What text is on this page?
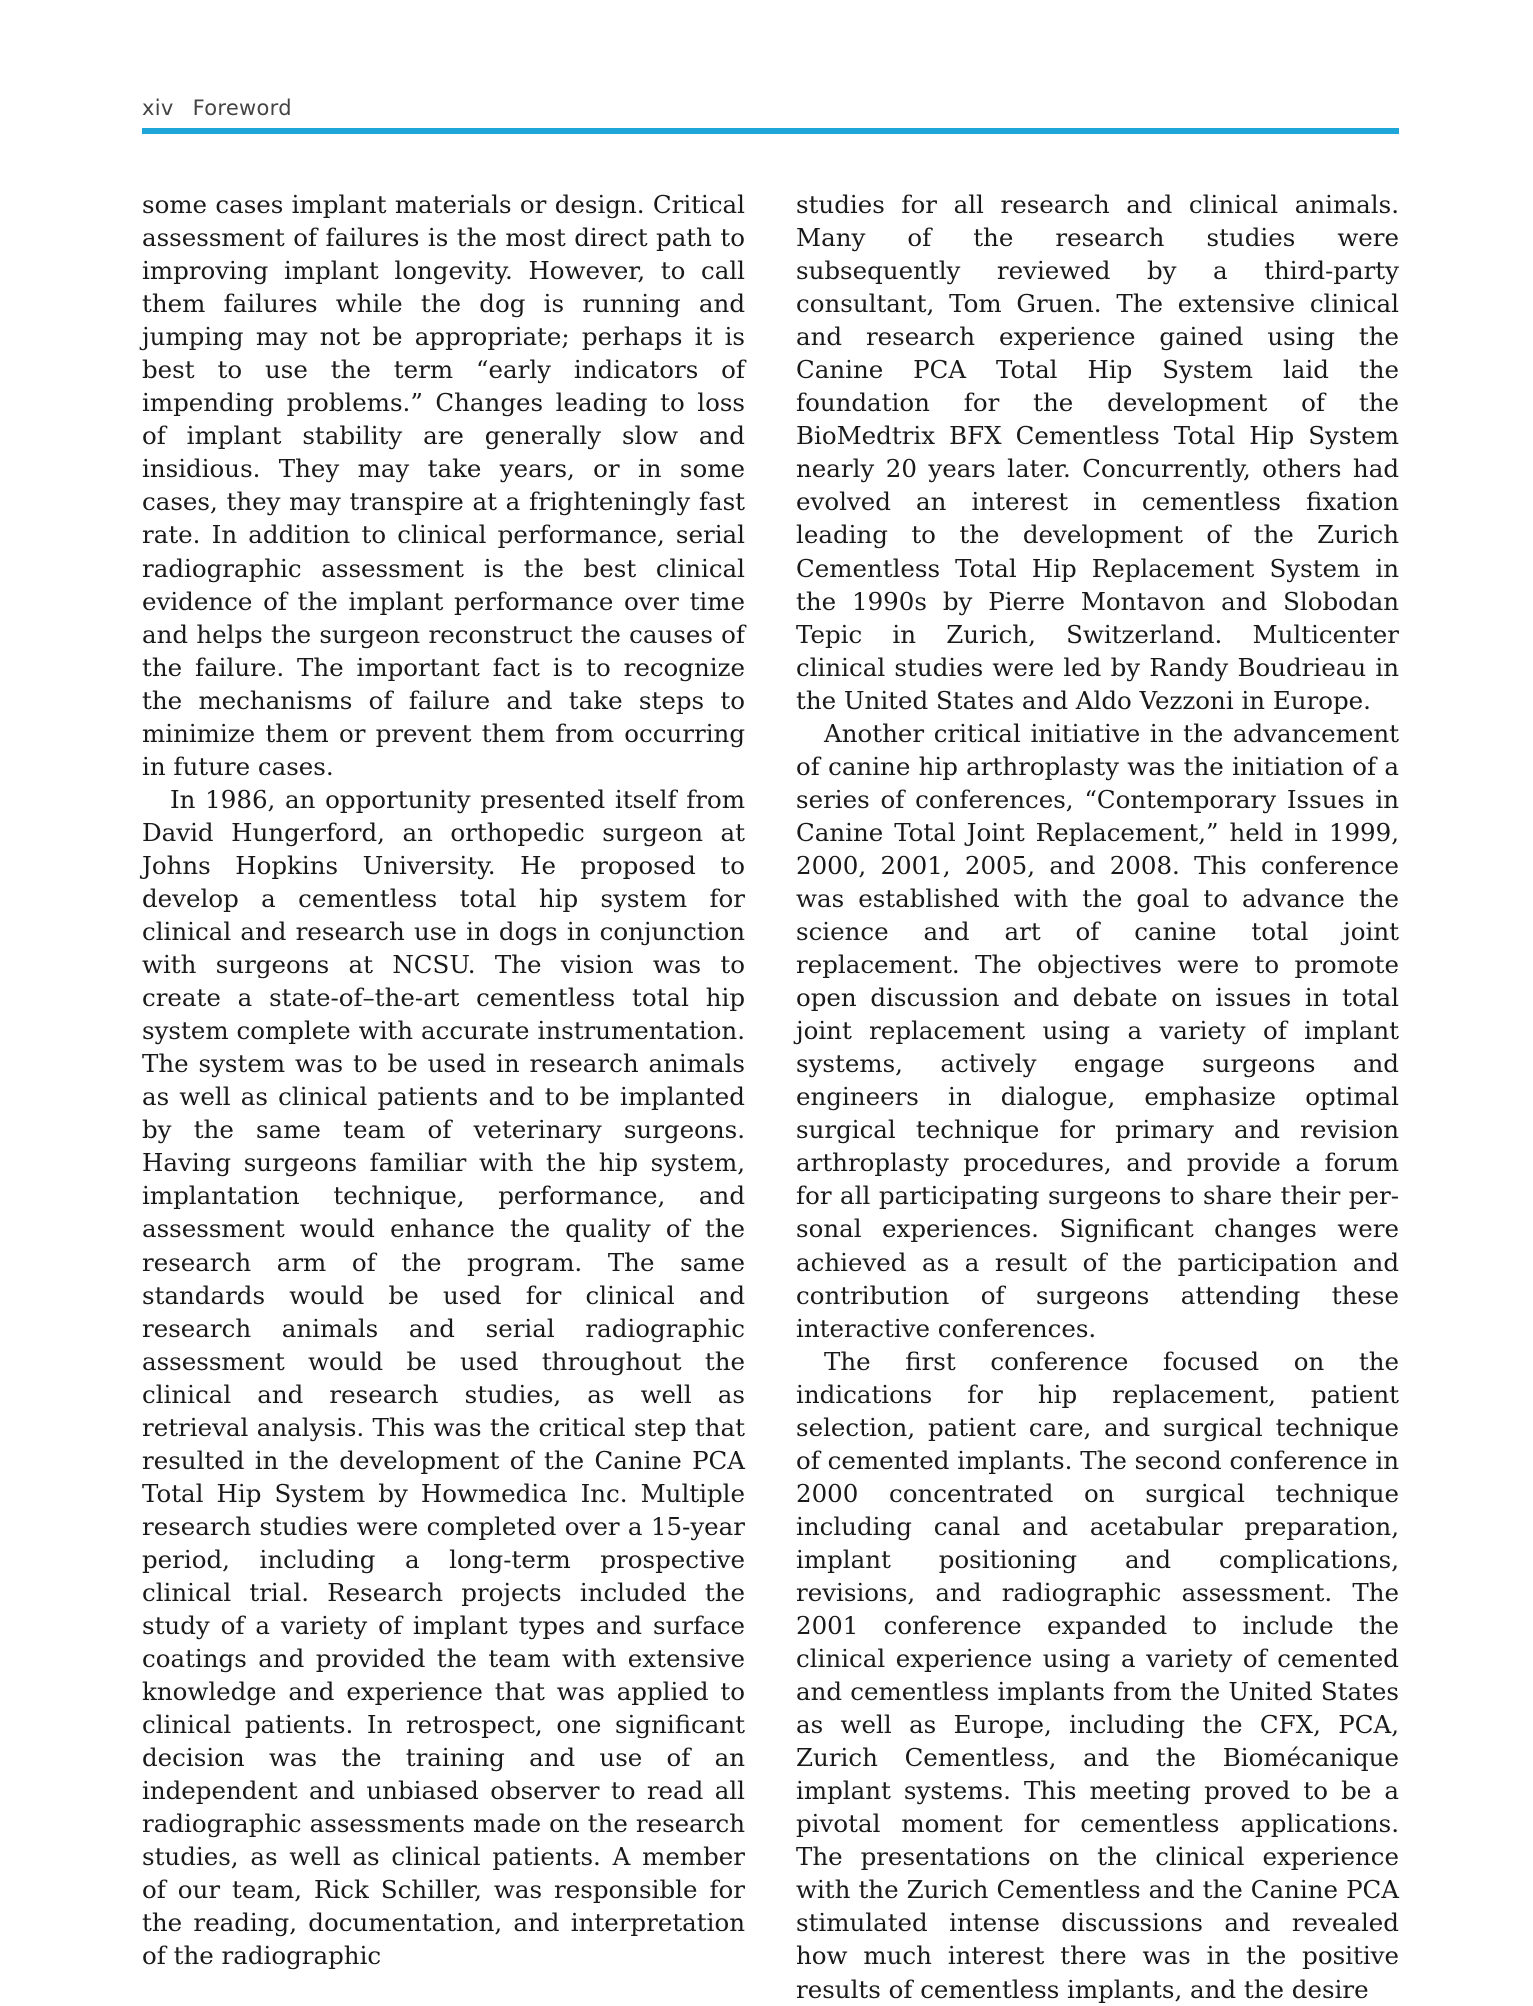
xiv Foreword

some cases implant materials or design. Critical assessment of failures is the most direct path to improving implant longevity. However, to call them failures while the dog is running and jumping may not be appropriate; perhaps it is best to use the term “early indicators of impending problems.” Changes leading to loss of implant stability are generally slow and insidious. They may take years, or in some cases, they may transpire at a frighteningly fast rate. In addition to clinical performance, serial radiographic assessment is the best clinical evidence of the implant performance over time and helps the surgeon reconstruct the causes of the failure. The important fact is to recognize the mechanisms of failure and take steps to minimize them or prevent them from occurring in future cases.

In 1986, an opportunity presented itself from David Hungerford, an orthopedic surgeon at Johns Hopkins University. He proposed to develop a cementless total hip system for clinical and research use in dogs in conjunction with surgeons at NCSU. The vision was to create a state-of–the-art cementless total hip system complete with accurate instrumentation. The system was to be used in research animals as well as clinical patients and to be implanted by the same team of veterinary surgeons. Having surgeons familiar with the hip system, implantation technique, performance, and assessment would enhance the quality of the research arm of the program. The same standards would be used for clinical and research animals and serial radiographic assessment would be used throughout the clinical and research studies, as well as retrieval analysis. This was the critical step that resulted in the development of the Canine PCA Total Hip System by Howmedica Inc. Multiple research studies were completed over a 15-year period, including a long-term prospective clinical trial. Research projects included the study of a variety of implant types and surface coatings and provided the team with extensive knowledge and experience that was applied to clinical patients. In retrospect, one significant decision was the training and use of an independent and unbiased observer to read all radiographic assessments made on the research studies, as well as clinical patients. A member of our team, Rick Schiller, was responsible for the reading, documentation, and interpretation of the radiographic

studies for all research and clinical animals. Many of the research studies were subsequently reviewed by a third-party consultant, Tom Gruen. The extensive clinical and research experience gained using the Canine PCA Total Hip System laid the foundation for the development of the BioMedtrix BFX Cementless Total Hip System nearly 20 years later. Concurrently, others had evolved an interest in cementless fixation leading to the development of the Zurich Cementless Total Hip Replacement System in the 1990s by Pierre Montavon and Slobodan Tepic in Zurich, Switzerland. Multicenter clinical studies were led by Randy Boudrieau in the United States and Aldo Vezzoni in Europe.

Another critical initiative in the advancement of canine hip arthroplasty was the initiation of a series of conferences, “Contemporary Issues in Canine Total Joint Replacement,” held in 1999, 2000, 2001, 2005, and 2008. This conference was established with the goal to advance the science and art of canine total joint replacement. The objectives were to promote open discussion and debate on issues in total joint replacement using a variety of implant systems, actively engage surgeons and engineers in dialogue, emphasize optimal surgical technique for primary and revision arthroplasty procedures, and provide a forum for all participating surgeons to share their personal experiences. Significant changes were achieved as a result of the participation and contribution of surgeons attending these interactive conferences.

The first conference focused on the indications for hip replacement, patient selection, patient care, and surgical technique of cemented implants. The second conference in 2000 concentrated on surgical technique including canal and acetabular preparation, implant positioning and complications, revisions, and radiographic assessment. The 2001 conference expanded to include the clinical experience using a variety of cemented and cementless implants from the United States as well as Europe, including the CFX, PCA, Zurich Cementless, and the Biomécanique implant systems. This meeting proved to be a pivotal moment for cementless applications. The presentations on the clinical experience with the Zurich Cementless and the Canine PCA stimulated intense discussions and revealed how much interest there was in the positive results of cementless implants, and the desire
